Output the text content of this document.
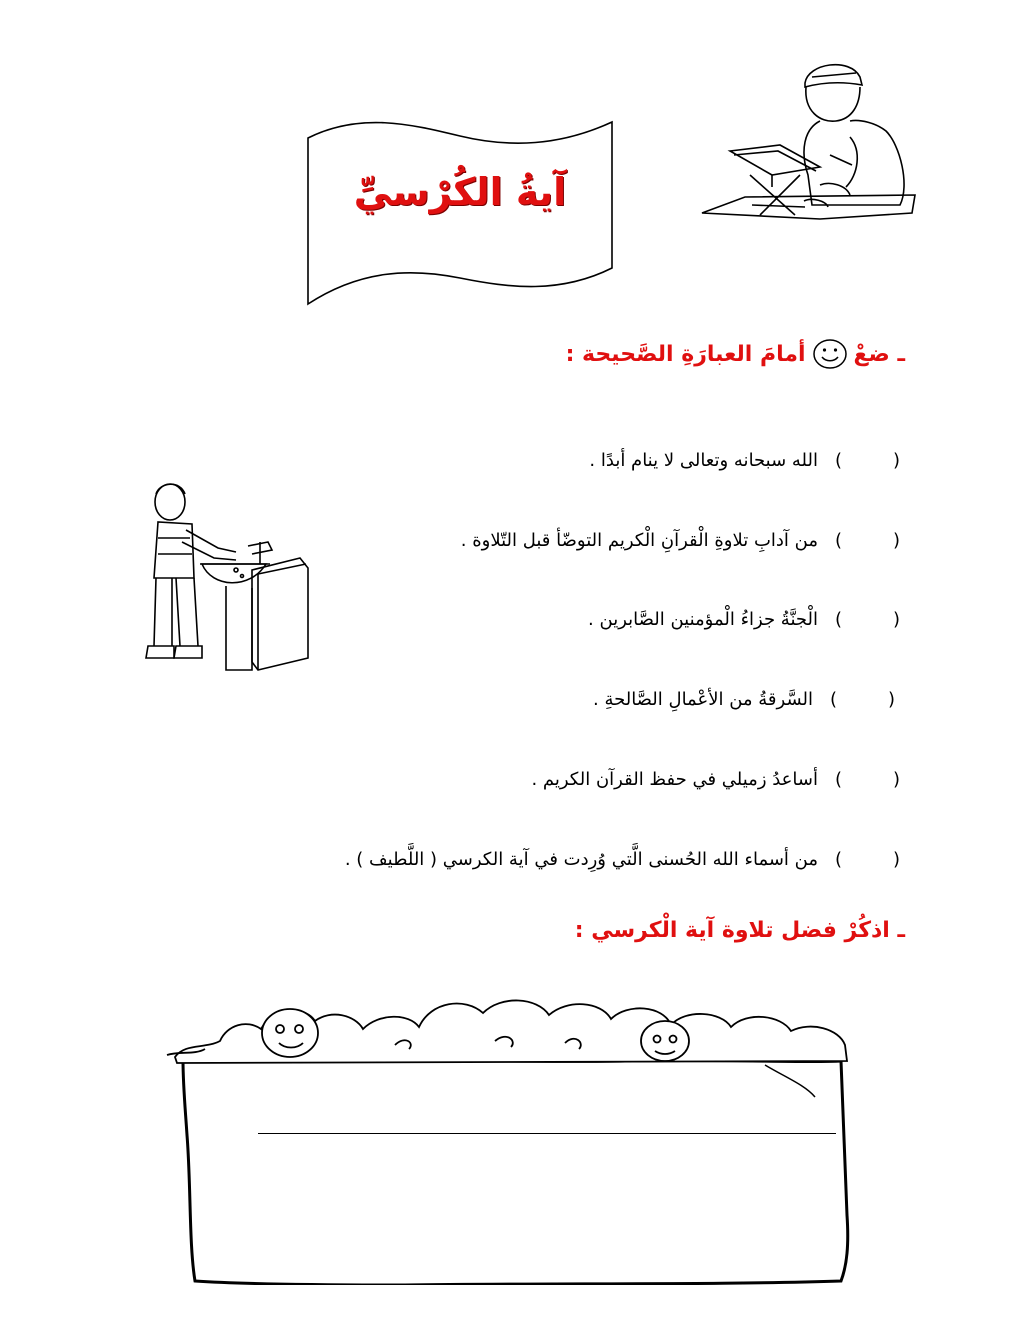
آيةُ الكُرْسيِّ
ـ ضعْ
أمامَ العبارَةِ الصَّحيحة :
(
)
الله سبحانه وتعالى لا ينام أبدًا .
(
)
من آدابِ تلاوةِ الْقرآنِ الْكريم التوضّأ قبل التّلاوة .
(
)
الْجنَّةُ جزاءُ الْمؤمنين الصَّابرين .
(
)
السَّرقةُ من الأعْمالِ الصَّالحةِ .
(
)
أساعدُ زميلي في حفظ القرآن الكريم .
(
)
من أسماء الله الحُسنى الَّتي وُرِدت في آية الكرسي ( اللَّطيف ) .
ـ اذكُرْ فضل تلاوة آية الْكرسي :
